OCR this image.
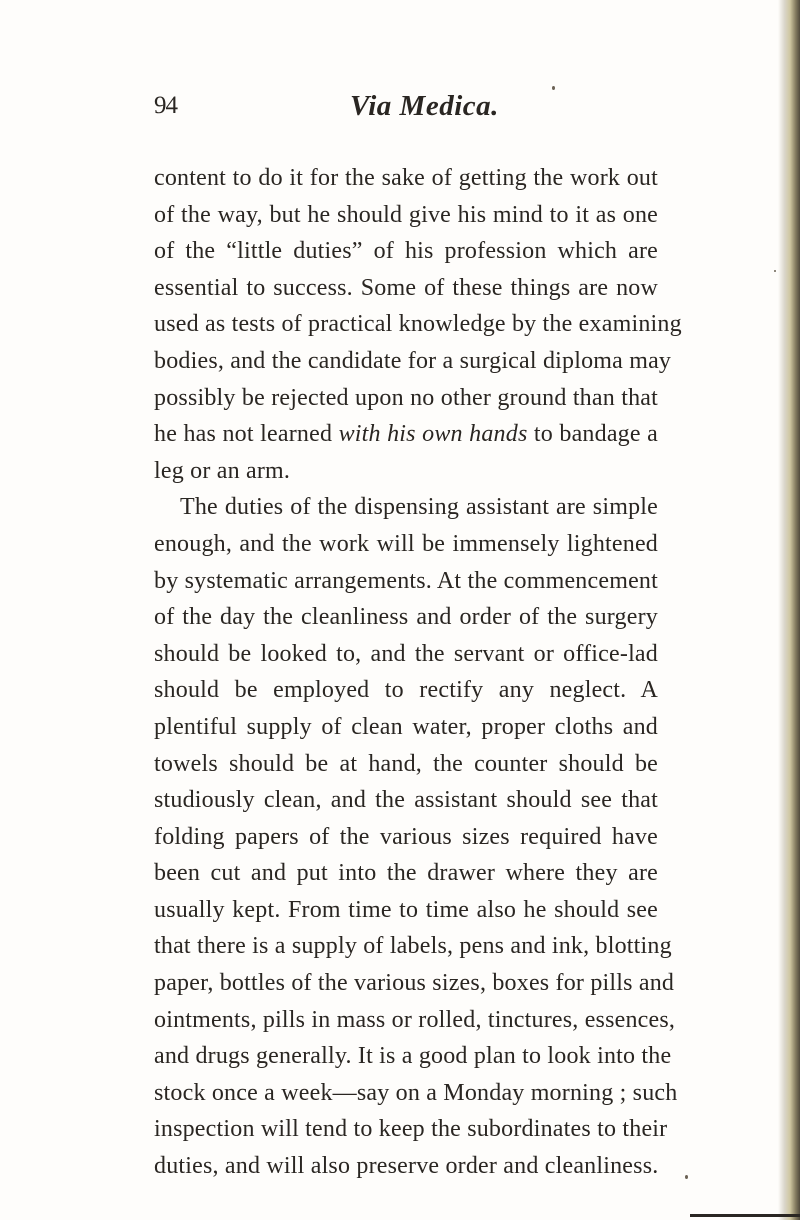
94	Via Medica.
content to do it for the sake of getting the work out
of the way, but he should give his mind to it as one
of the “little duties” of his profession which are
essential to success. Some of these things are now
used as tests of practical knowledge by the examining
bodies, and the candidate for a surgical diploma may
possibly be rejected upon no other ground than that
he has not learned with his own hands to bandage a
leg or an arm.
The duties of the dispensing assistant are simple
enough, and the work will be immensely lightened
by systematic arrangements. At the commencement
of the day the cleanliness and order of the surgery
should be looked to, and the servant or office-lad
should be employed to rectify any neglect. A
plentiful supply of clean water, proper cloths and
towels should be at hand, the counter should be
studiously clean, and the assistant should see that
folding papers of the various sizes required have
been cut and put into the drawer where they are
usually kept. From time to time also he should see
that there is a supply of labels, pens and ink, blotting
paper, bottles of the various sizes, boxes for pills and
ointments, pills in mass or rolled, tinctures, essences,
and drugs generally. It is a good plan to look into the
stock once a week—say on a Monday morning ; such
inspection will tend to keep the subordinates to their
duties, and will also preserve order and cleanliness.
